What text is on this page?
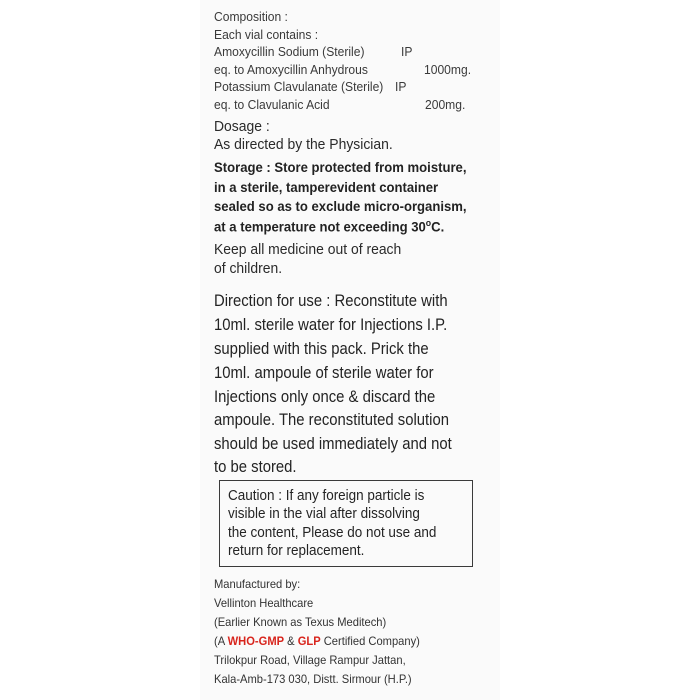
Composition :
Each vial contains :
Amoxycillin Sodium (Sterile)	IP
eq. to Amoxycillin Anhydrous	1000mg.
Potassium Clavulanate (Sterile) IP
eq. to Clavulanic Acid	200mg.
Dosage :
As directed by the Physician.
Storage : Store protected from moisture,
in a sterile, tamperevident container
sealed so as to exclude micro-organism,
at a temperature not exceeding 30$^o$C.
Keep all medicine out of reach
of children.
Direction for use : Reconstitute with
10ml. sterile water for Injections I.P.
supplied with this pack. Prick the
10ml. ampoule of sterile water for
Injections only once & discard the
ampoule. The reconstituted solution
should be used immediately and not
to be stored.
Caution : If any foreign particle is
visible in the vial after dissolving
the content, Please do not use and
return for replacement.
Manufactured by:
Vellinton Healthcare
(Earlier Known as Texus Meditech)
(A WHO-GMP & GLP Certified Company)
Trilokpur Road, Village Rampur Jattan,
Kala-Amb-173 030, Distt. Sirmour (H.P.)
